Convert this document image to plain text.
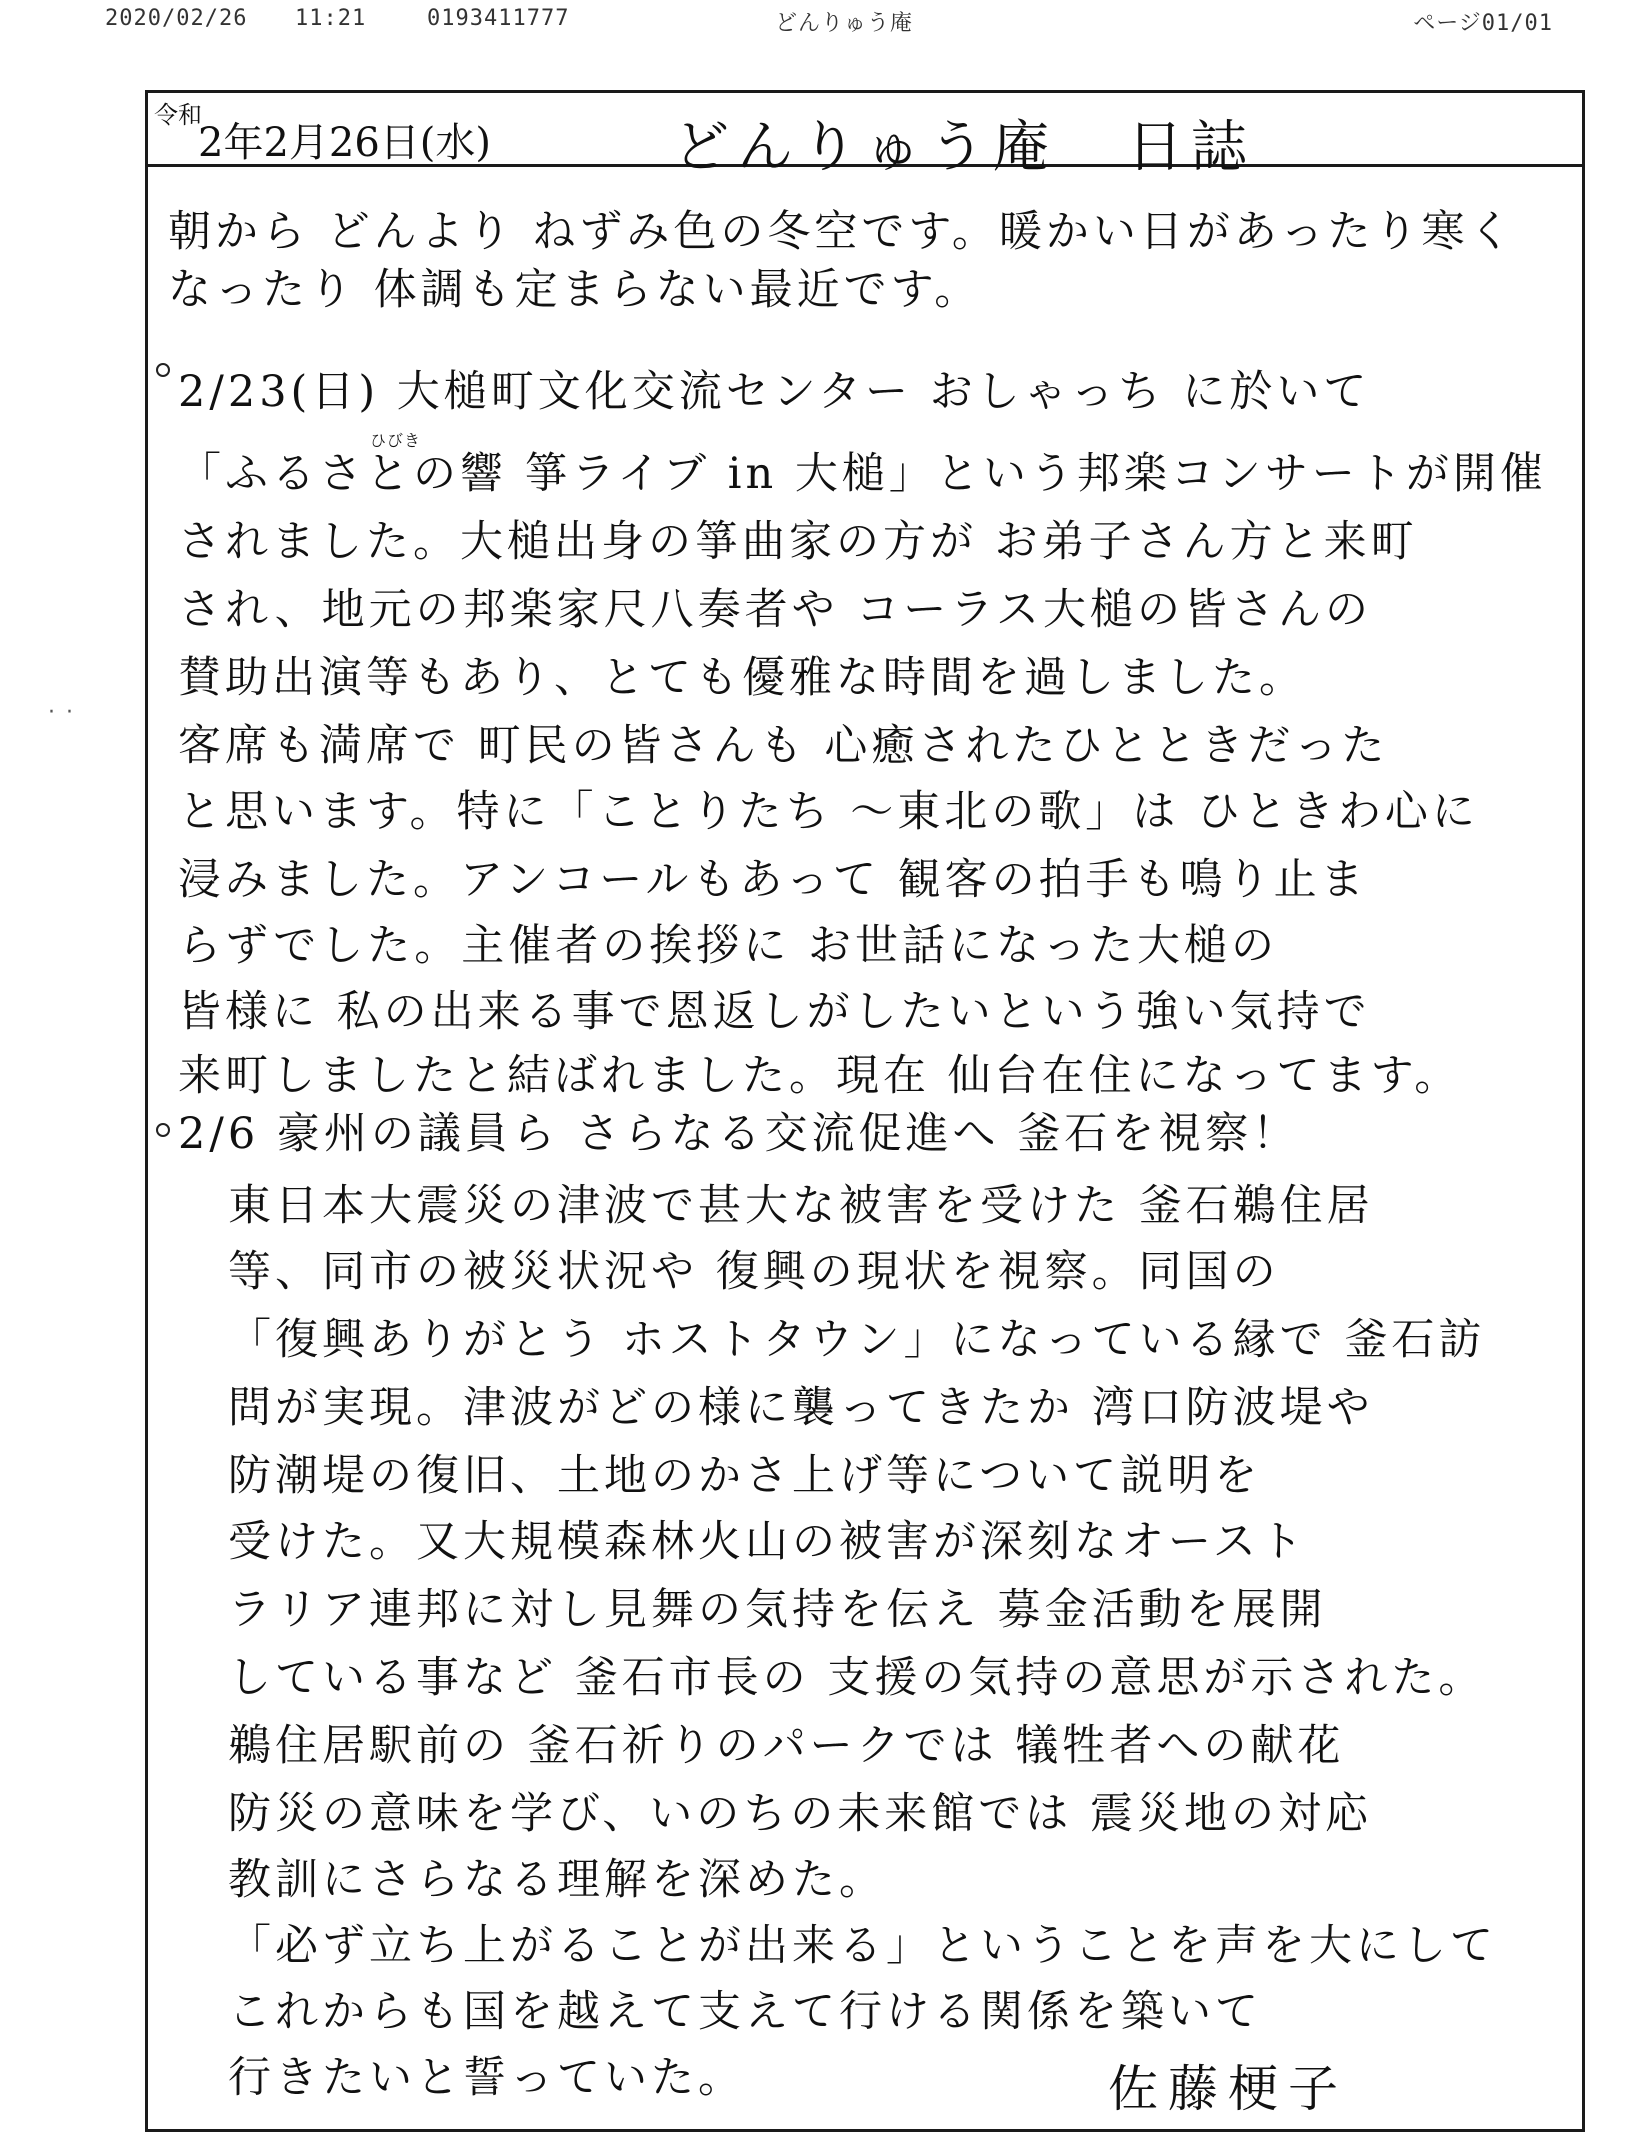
2020/02/26 11:21	0193411777	どんりゅう庵	ページ01/01
· ·
令和
2年2月26日(水)	どんりゅう庵 日誌
朝から どんより ねずみ色の冬空です。暖かい日があったり寒く
なったり 体調も定まらない最近です。
2/23(日) 大槌町文化交流センター おしゃっち に於いて
ひびき
「ふるさとの響 箏ライブ in 大槌」という邦楽コンサートが開催
されました。大槌出身の箏曲家の方が お弟子さん方と来町
され、地元の邦楽家尺八奏者や コーラス大槌の皆さんの
賛助出演等もあり、とても優雅な時間を過しました。
客席も満席で 町民の皆さんも 心癒されたひとときだった
と思います。特に「ことりたち ～東北の歌」は ひときわ心に
浸みました。アンコールもあって 観客の拍手も鳴り止ま
らずでした。主催者の挨拶に お世話になった大槌の
皆様に 私の出来る事で恩返しがしたいという強い気持で
来町しましたと結ばれました。現在 仙台在住になってます。
2/6 豪州の議員ら さらなる交流促進へ 釜石を視察！
東日本大震災の津波で甚大な被害を受けた 釜石鵜住居
等、同市の被災状況や 復興の現状を視察。同国の
「復興ありがとう ホストタウン」になっている縁で 釜石訪
問が実現。津波がどの様に襲ってきたか 湾口防波堤や
防潮堤の復旧、土地のかさ上げ等について説明を
受けた。又大規模森林火山の被害が深刻なオースト
ラリア連邦に対し見舞の気持を伝え 募金活動を展開
している事など 釜石市長の 支援の気持の意思が示された。
鵜住居駅前の 釜石祈りのパークでは 犠牲者への献花
防災の意味を学び、いのちの未来館では 震災地の対応
教訓にさらなる理解を深めた。
「必ず立ち上がることが出来る」ということを声を大にして
これからも国を越えて支えて行ける関係を築いて
行きたいと誓っていた。	佐藤梗子
